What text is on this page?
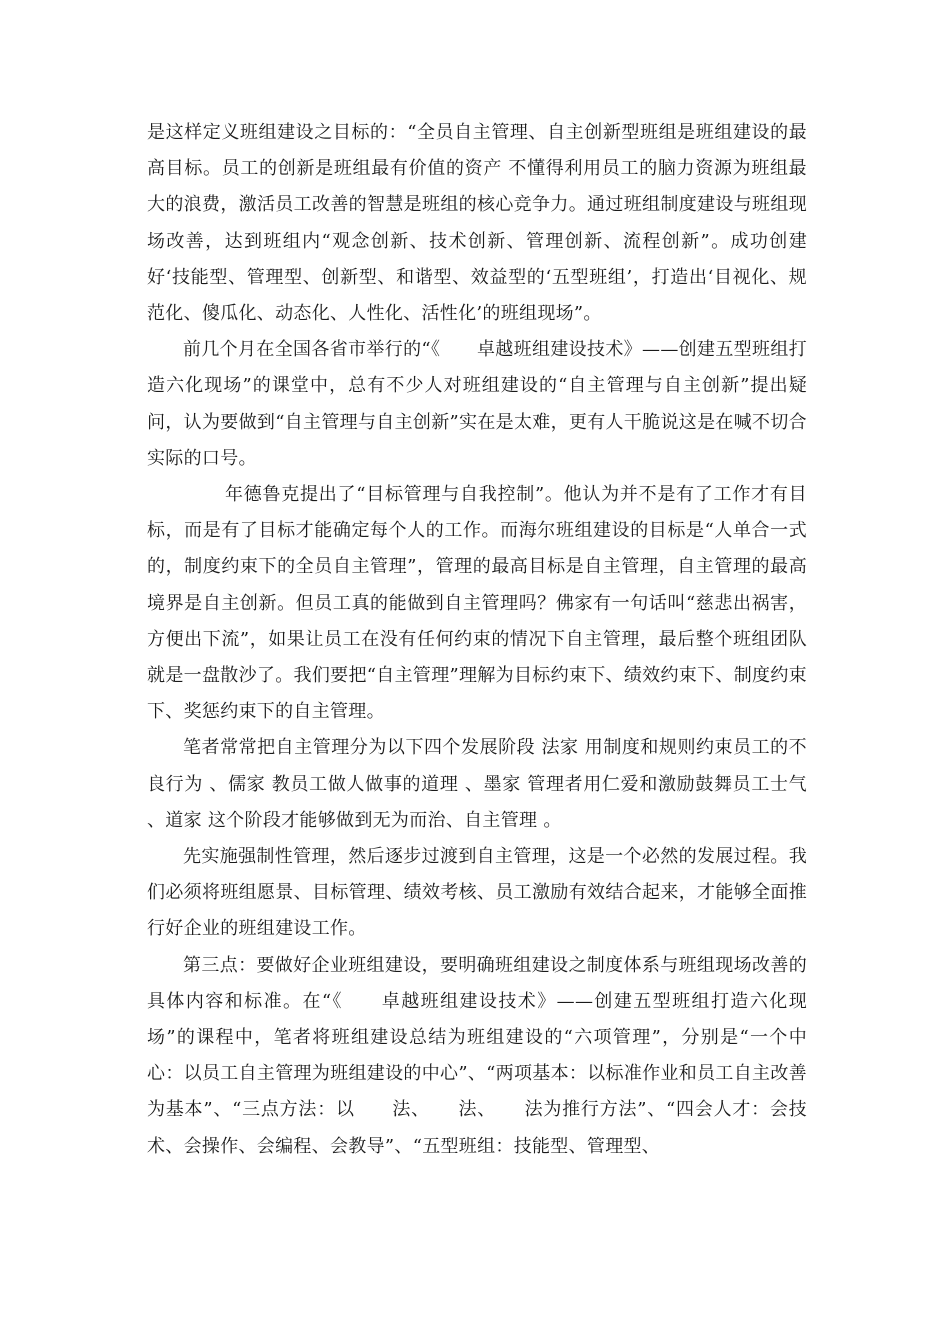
是这样定义班组建设之目标的：“全员自主管理、自主创新型班组是班组建设的最高目标。员工的创新是班组最有价值的资产 不懂得利用员工的脑力资源为班组最大的浪费，激活员工改善的智慧是班组的核心竞争力。通过班组制度建设与班组现场改善，达到班组内“观念创新、技术创新、管理创新、流程创新”。成功创建好‘技能型、管理型、创新型、和谐型、效益型的‘五型班组’，打造出‘目视化、规范化、傻瓜化、动态化、人性化、活性化’的班组现场”。

前几个月在全国各省市举行的“《　　卓越班组建设技术》——创建五型班组打造六化现场”的课堂中，总有不少人对班组建设的“自主管理与自主创新”提出疑问，认为要做到“自主管理与自主创新”实在是太难，更有人干脆说这是在喊不切合实际的口号。

年德鲁克提出了“目标管理与自我控制”。他认为并不是有了工作才有目标，而是有了目标才能确定每个人的工作。而海尔班组建设的目标是“人单合一式的，制度约束下的全员自主管理”，管理的最高目标是自主管理，自主管理的最高境界是自主创新。但员工真的能做到自主管理吗？佛家有一句话叫“慈悲出祸害，方便出下流”，如果让员工在没有任何约束的情况下自主管理，最后整个班组团队就是一盘散沙了。我们要把“自主管理”理解为目标约束下、绩效约束下、制度约束下、奖惩约束下的自主管理。

笔者常常把自主管理分为以下四个发展阶段 法家 用制度和规则约束员工的不良行为 、儒家 教员工做人做事的道理 、墨家 管理者用仁爱和激励鼓舞员工士气 、道家 这个阶段才能够做到无为而治、自主管理 。

先实施强制性管理，然后逐步过渡到自主管理，这是一个必然的发展过程。我们必须将班组愿景、目标管理、绩效考核、员工激励有效结合起来，才能够全面推行好企业的班组建设工作。

第三点：要做好企业班组建设，要明确班组建设之制度体系与班组现场改善的具体内容和标准。在“《　　卓越班组建设技术》——创建五型班组打造六化现场”的课程中，笔者将班组建设总结为班组建设的“六项管理”，分别是“一个中心：以员工自主管理为班组建设的中心”、“两项基本：以标准作业和员工自主改善为基本”、“三点方法：以　　法、　　法、　　法为推行方法”、“四会人才：会技术、会操作、会编程、会教导”、“五型班组：技能型、管理型、
